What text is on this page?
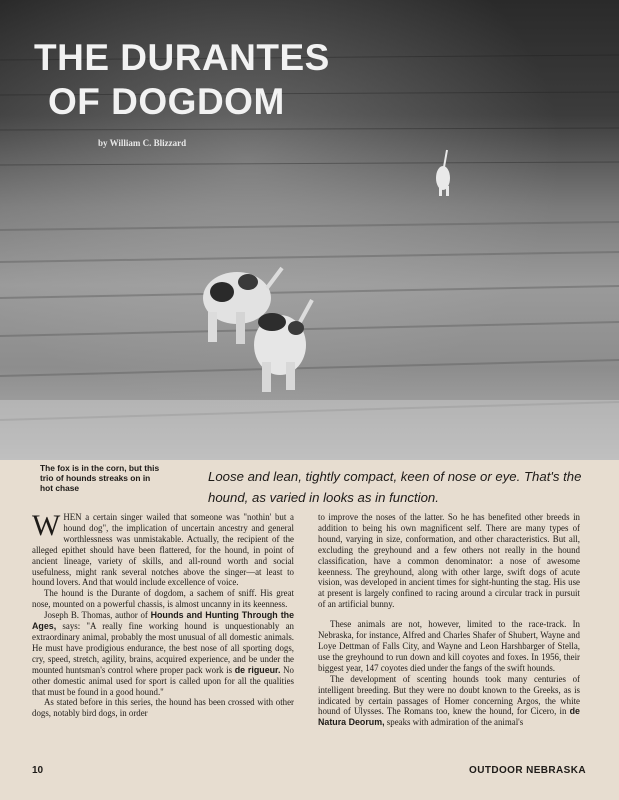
THE DURANTES
OF DOGDOM
by William C. Blizzard
The fox is in the corn, but this trio of hounds streaks on in hot chase
Loose and lean, tightly compact, keen of nose or eye. That's the hound, as varied in looks as in function.

WHEN a certain singer wailed that someone was "nothin' but a hound dog", the implication of uncertain ancestry and general worthlessness was unmistakable. Actually, the recipient of the alleged epithet should have been flattered, for the hound, in point of ancient lineage, variety of skills, and all-round worth and social usefulness, might rank several notches above the singer—at least to hound lovers. And that would include excellence of voice.

The hound is the Durante of dogdom, a sachem of sniff. His great nose, mounted on a powerful chassis, is almost uncanny in its keenness.

Joseph B. Thomas, author of Hounds and Hunting Through the Ages, says: "A really fine working hound is unquestionably an extraordinary animal, probably the most unusual of all domestic animals. He must have prodigious endurance, the best nose of all sporting dogs, cry, speed, stretch, agility, brains, acquired experience, and be under the mounted huntsman's control where proper pack work is de rigueur. No other domestic animal used for sport is called upon for all the qualities that must be found in a good hound."

As stated before in this series, the hound has been crossed with other dogs, notably bird dogs, in order

to improve the noses of the latter. So he has benefited other breeds in addition to being his own magnificent self. There are many types of hound, varying in size, conformation, and other characteristics. But all, excluding the greyhound and a few others not really in the hound classification, have a common denominator: a nose of awesome keenness. The greyhound, along with other large, swift dogs of acute vision, was developed in ancient times for sight-hunting the stag. His use at present is largely confined to racing around a circular track in pursuit of an artificial bunny.

These animals are not, however, limited to the race-track. In Nebraska, for instance, Alfred and Charles Shafer of Shubert, Wayne and Loye Dettman of Falls City, and Wayne and Leon Harshbarger of Stella, use the greyhound to run down and kill coyotes and foxes. In 1956, their biggest year, 147 coyotes died under the fangs of the swift hounds.

The development of scenting hounds took many centuries of intelligent breeding. But they were no doubt known to the Greeks, as is indicated by certain passages of Homer concerning Argos, the white hound of Ulysses. The Romans too, knew the hound, for Cicero, in de Natura Deorum, speaks with admiration of the animal's

10	OUTDOOR NEBRASKA
